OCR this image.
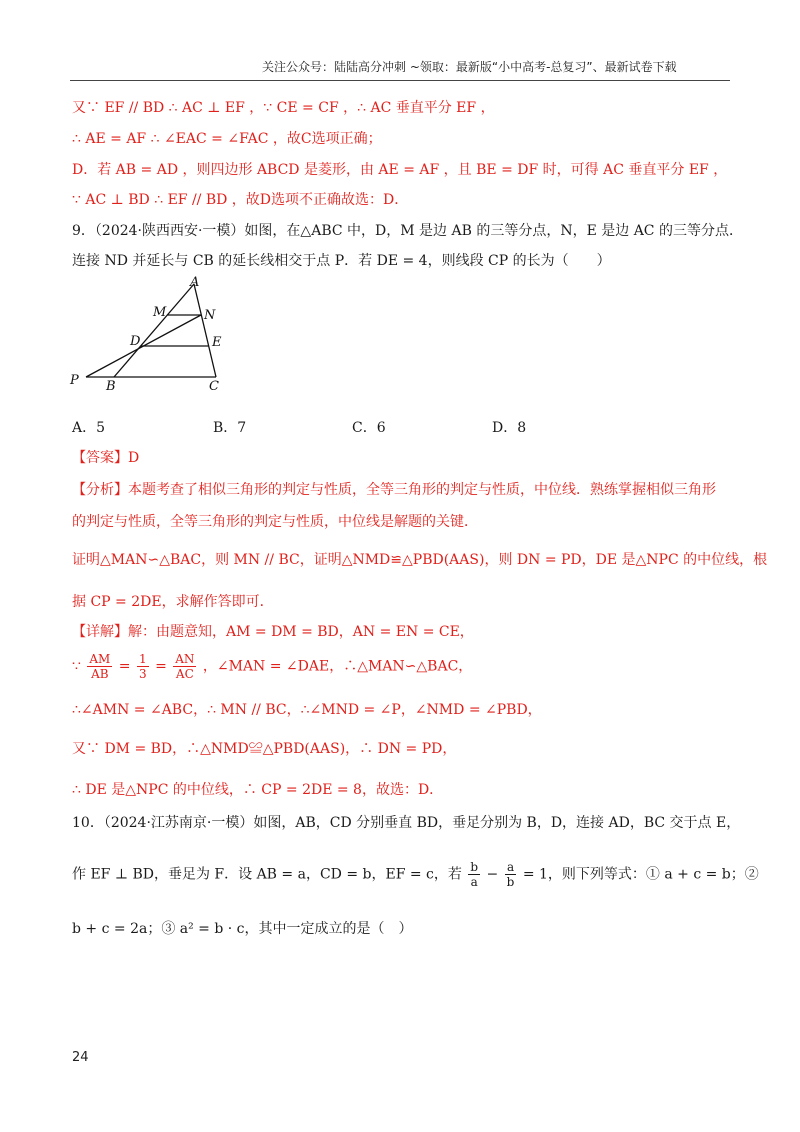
关注公众号：陆陆高分冲刺 ~领取：最新版“小中高考-总复习”、最新试卷下载
又∵ EF // BD ∴ AC ⊥ EF ，∵ CE = CF ，∴ AC 垂直平分 EF ，
∴ AE = AF ∴ ∠EAC = ∠FAC ，故C选项正确；
D．若 AB = AD ，则四边形 ABCD 是菱形，由 AE = AF ，且 BE = DF 时，可得 AC 垂直平分 EF ，
∵ AC ⊥ BD ∴ EF // BD ，故D选项不正确故选：D．
9．（2024·陕西西安·一模）如图，在△ABC 中，D，M 是边 AB 的三等分点，N，E 是边 AC 的三等分点．
连接 ND 并延长与 CB 的延长线相交于点 P．若 DE = 4，则线段 CP 的长为（　　）
A
M	N
D	E
P B	C
A．5	B．7	C．6	D．8
【答案】D
【分析】本题考查了相似三角形的判定与性质，全等三角形的判定与性质，中位线．熟练掌握相似三角形
的判定与性质，全等三角形的判定与性质，中位线是解题的关键．
证明△MAN∽△BAC，则 MN // BC，证明△NMD≌△PBD(AAS)，则 DN = PD，DE 是△NPC 的中位线，根
据 CP = 2DE，求解作答即可．
【详解】解：由题意知，AM = DM = BD，AN = EN = CE，
∵ $\frac{AM}{AB} = \frac{1}{3} = \frac{AN}{AC}$ ，∠MAN = ∠DAE，∴△MAN∽△BAC，
∴∠AMN = ∠ABC，∴ MN // BC，∴∠MND = ∠P，∠NMD = ∠PBD，
又∵ DM = BD，∴△NMD≌△PBD(AAS)，∴ DN = PD，
∴ DE 是△NPC 的中位线，∴ CP = 2DE = 8，故选：D．
10．（2024·江苏南京·一模）如图，AB，CD 分别垂直 BD，垂足分别为 B，D，连接 AD，BC 交于点 E，
作 EF ⊥ BD，垂足为 F．设 AB = a，CD = b，EF = c，若 $\frac{b}{a} - \frac{a}{b} = 1$，则下列等式：① a + c = b；②
b + c = 2a；③ a² = b · c，其中一定成立的是（　）
24
